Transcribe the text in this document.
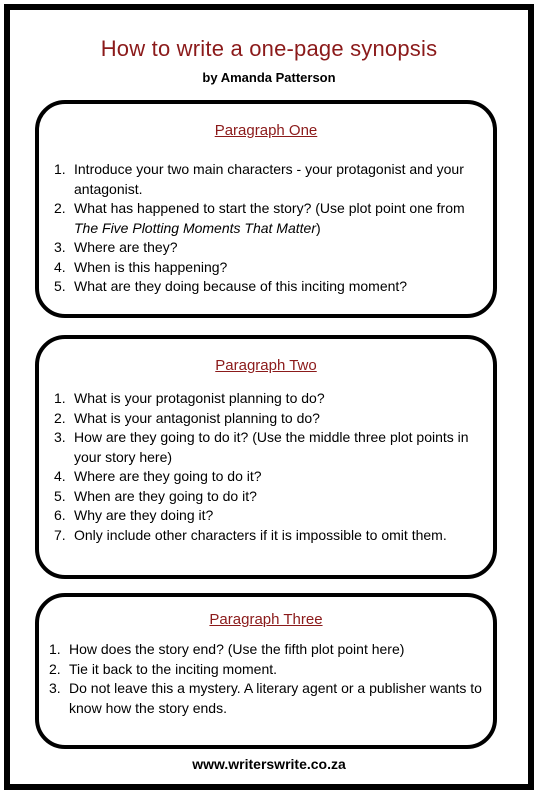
How to write a one-page synopsis
by Amanda Patterson
Paragraph One
1. Introduce your two main characters - your protagonist and your antagonist.
2. What has happened to start the story? (Use plot point one from The Five Plotting Moments That Matter)
3. Where are they?
4. When is this happening?
5. What are they doing because of this inciting moment?
Paragraph Two
1. What is your protagonist planning to do?
2. What is your antagonist planning to do?
3. How are they going to do it? (Use the middle three plot points in your story here)
4. Where are they going to do it?
5. When are they going to do it?
6. Why are they doing it?
7. Only include other characters if it is impossible to omit them.
Paragraph Three
1. How does the story end? (Use the fifth plot point here)
2. Tie it back to the inciting moment.
3. Do not leave this a mystery. A literary agent or a publisher wants to know how the story ends.
www.writerswrite.co.za
